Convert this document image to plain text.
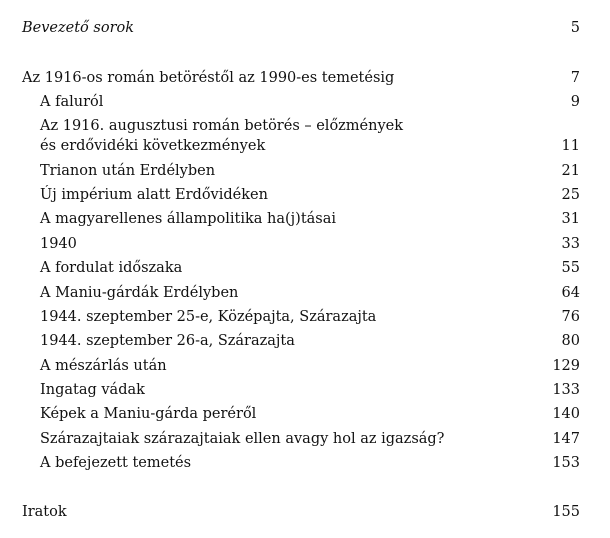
Bevezető sorok	5
Az 1916-os román betöréstől az 1990-es temetésig	7
A faluról	9
Az 1916. augusztusi román betörés – előzmények
és erdővidéki következmények	11
Trianon után Erdélyben	21
Új impérium alatt Erdővidéken	25
A magyarellenes állampolitika ha(j)tásai	31
1940	33
A fordulat időszaka	55
A Maniu-gárdák Erdélyben	64
1944. szeptember 25-e, Középajta, Szárazajta	76
1944. szeptember 26-a, Szárazajta	80
A mészárlás után	129
Ingatag vádak	133
Képek a Maniu-gárda peréről	140
Szárazajtaiak szárazajtaiak ellen avagy hol az igazság?	147
A befejezett temetés	153
Iratok	155
